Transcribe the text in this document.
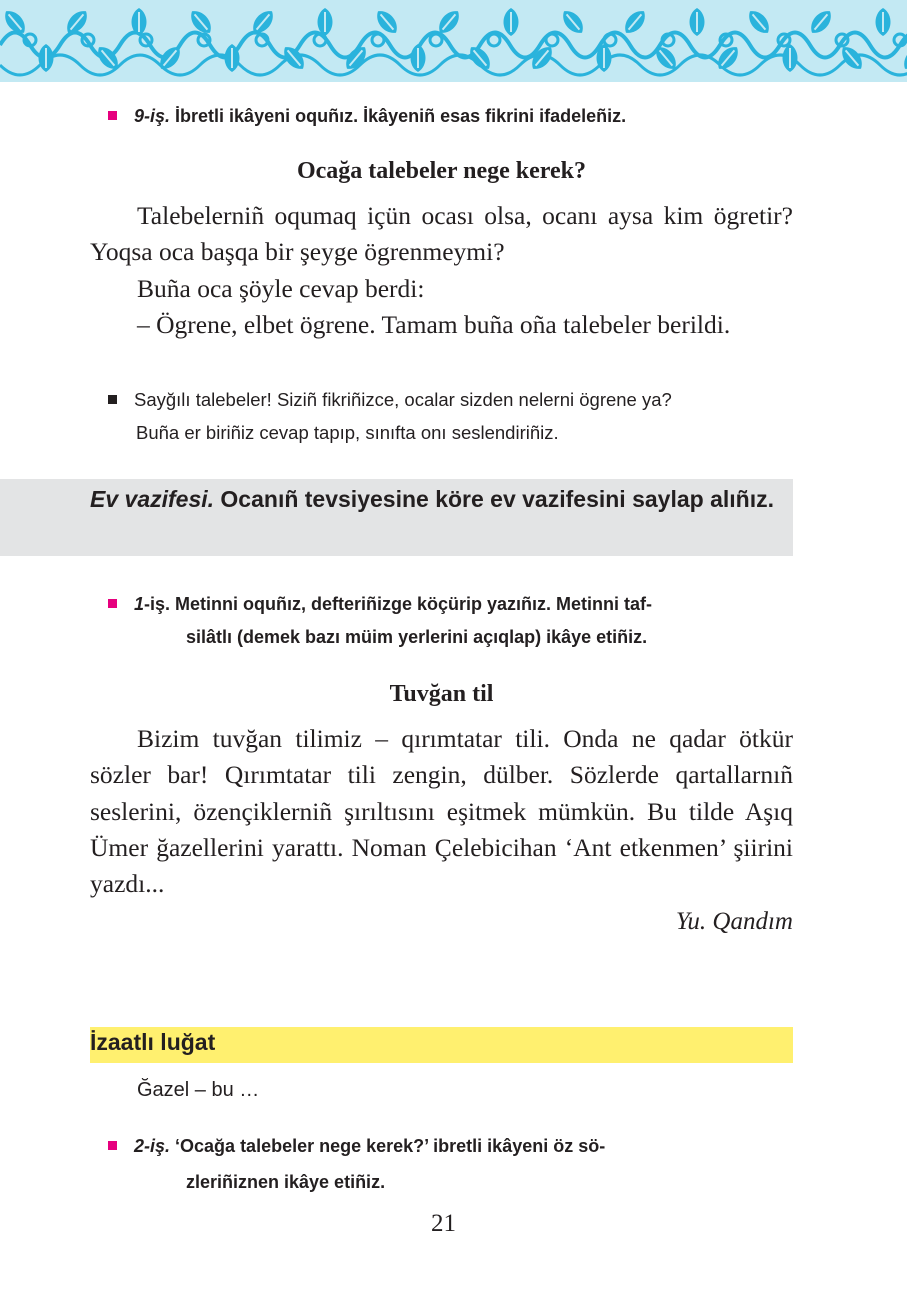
9-iş. İbretli ikâyeni oquñız. İkâyeniñ esas fikrini ifadeleñiz.
Ocağa talebeler nege kerek?

Talebelerniñ oqumaq içün ocası olsa, ocanı aysa kim ögretir? Yoqsa oca başqa bir şeyge ögrenmeymi?

Buña oca şöyle cevap berdi:

– Ögrene, elbet ögrene. Tamam buña oña talebeler berildi.

Sayğılı talebeler! Siziñ fikriñizce, ocalar sizden nelerni ögrene ya?
Buña er biriñiz cevap tapıp, sınıfta onı seslendiriñiz.
Ev vazifesi. Ocanıñ tevsiyesine köre ev vazifesini saylap alıñız.
1-iş. Metinni oquñız, defteriñizge köçürip yazıñız. Metinni taf-
silâtlı (demek bazı müim yerlerini açıqlap) ikâye etiñiz.
Tuvğan til

Bizim tuvğan tilimiz – qırımtatar tili. Onda ne qadar ötkür sözler bar! Qırımtatar tili zengin, dülber. Sözlerde qartallarnıñ seslerini, özençiklerniñ şırıltısını eşitmek mümkün. Bu tilde Aşıq Ümer ğazellerini yarattı. Noman Çelebicihan ‘Ant etkenmen’ şiirini yazdı...

Yu. Qandım
İzaatlı luğat
Ğazel – bu …
2-iş. ‘Ocağa talebeler nege kerek?’ ibretli ikâyeni öz sö-
zleriñiznen ikâye etiñiz.
21
